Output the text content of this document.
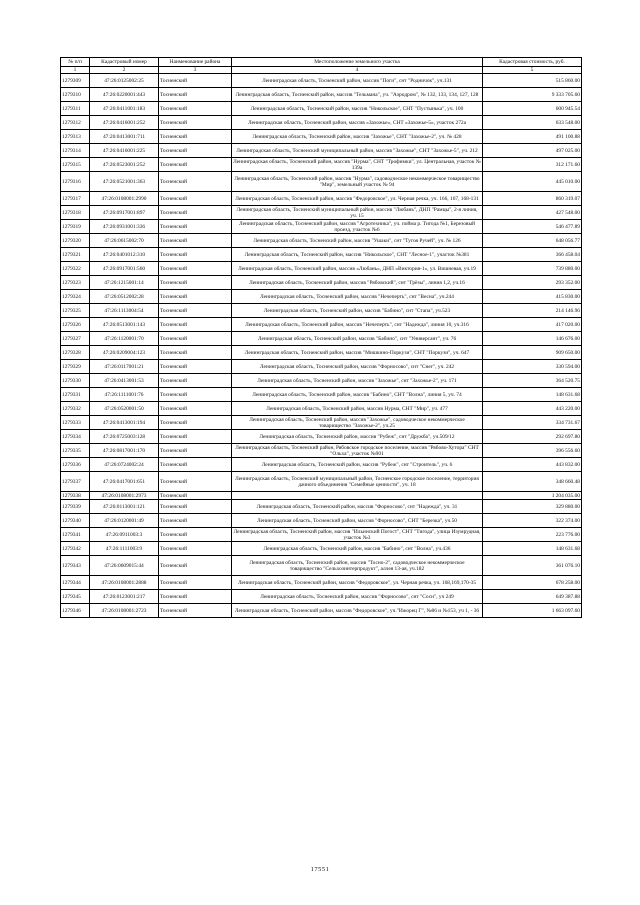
№ п/п	Кадастровый номер	Наименование района	Местоположение земельного участка	Кадастровая стоимость, руб.
1	2	3	4	5
1279309	47:26:0125002:25	Тосненский	Ленинградская область, Тосненский район, массив "Поги", снт "Родничок", уч.131	515 860.00
1279310	47:26:0220001:443	Тосненский	Ленинградская область, Тосненский район, массив "Тельмана", уч. "Аэродром", № 132, 133, 134, 127, 128	9 333 705.60
1279311	47:26:0411001:183	Тосненский	Ленинградская область, Тосненский район, массив "Никольское", СНТ "Пустынька", уч. 100	600 945.54
1279312	47:26:0416001:252	Тосненский	Ленинградская область, Тосненский район, массив «Захожье», СНТ «Захожье-5», участок 272а	633 548.00
1279313	47:26:0413001:711	Тосненский	Ленинградская область, Тосненский район, массив "Захожье", СНТ "Захожье-2", уч. № 428	491 100.88
1279314	47:26:0416001:225	Тосненский	Ленинградская область, Тосненский муниципальный район, массив "Захожье", СНТ "Захожье-5", уч. 212	497 025.00
1279315	47:26:0523001:252	Тосненский	Ленинградская область, Тосненский район, массив "Нурма", СНТ "Трофимки", ул. Центральная, участок № 139а	312 171.60
1279316	47:26:0521001:363	Тосненский	Ленинградская область, Тосненский район, массив "Нурма", садоводческое некоммерческое товарищество "Мир", земельный участок № 94	445 010.00
1279317	47:26:0108001:2990	Тосненский	Ленинградская область, Тосненский район, массив "Федоровское", ул. Черная речка, уч. 166, 167, 168-131	860 319.07
1279318	47:26:0917001:897	Тосненский	Ленинградская область, Тосненский муниципальный район, массив "Любань", ДНП "Рамцы", 2-я линия, уч. 15	427 548.00
1279319	47:26:0931001:336	Тосненский	Ленинградская область, Тосненский район, массив "Агротехника", уч. пойма р. Тигода №1, Березовый проезд, участок №6	546 477.89
1279320	47:26:0615002:70	Тосненский	Ленинградская область, Тосненский район, массив "Ушаки", снт "Тугоя Ручей", уч. № 126	648 056.77
1279321	47:26:0401012:310	Тосненский	Ленинградская область, Тосненский район, массив "Никольское", СНТ "Лесное-1", участок №381	366 458.04
1279322	47:26:0917001:560	Тосненский	Ленинградская область, Тосненский район, массив «Любань», ДНП «Виктория-1», ул. Вишневая, уч.19	739 880.00
1279323	47:26:1215001:14	Тосненский	Ленинградская область, Тосненский район, массив "Рябовский", снт "Грёзы", линия 1,2, уч.16	293 352.00
1279324	47:26:0512002:28	Тосненский	Ленинградская область, Тосненский район, массив "Нечеперть", снт "Весна", уч.244	415 830.00
1279325	47:26:1113004:54	Тосненский	Ленинградская область, Тосненский район, массив "Бабино", снт "Стапа", уч.523	214 146.96
1279326	47:26:0513001:143	Тосненский	Ленинградская область, Тосненский район, массив "Нечеперть", снт "Надежда", линия 10, уч.316	417 020.00
1279327	47:26:1120001:70	Тосненский	Ленинградская область, Тосненский район, массив "Бабино", снт "Универсант", уч. 76	146 676.00
1279328	47:26:0209004:123	Тосненский	Ленинградская область, Тосненский район, массив "Мишкино-Поркузи", СНТ "Поркузи", уч. 647	909 650.00
1279329	47:26:0117001:21	Тосненский	Ленинградская область, Тосненский район, массив "Форносово", снт "Снег", уч. 242	330 594.00
1279330	47:26:0413001:53	Тосненский	Ленинградская область, Тосненский район, массив "Захожье", снт "Захожье-2", уч. 171	364 520.75
1279331	47:26:1111001:76	Тосненский	Ленинградская область, Тосненский район, массив "Бабино", СНТ "Волна", линия 5, уч. 74	148 631.68
1279332	47:26:0520001:50	Тосненский	Ленинградская область, Тосненский район, массив Нурма, СНТ "Мир", уч. 477	443 220.00
1279333	47:26:0413001:194	Тосненский	Ленинградская область, Тосненский район, массив "Захожье", садоводческое некоммерческое товарищество "Захожье-2", уч.25	334 731.67
1279334	47:26:0725003:128	Тосненский	Ленинградская область, Тосненский район, массив "Рубеж", снт "Дружба", уч.509/12	292 697.80
1279335	47:26:0817001:170	Тосненский	Ленинградская область, Тосненский район, Рябовское городское поселение, массив "Рябово-Хутора" СНТ "Ольха", участок №901	396 556.60
1279336	47:26:0724002:24	Тосненский	Ленинградская область, Тосненский район, массив "Рубеж", снт "Строитель", уч. 6	443 832.00
1279337	47:26:0417001:651	Тосненский	Ленинградская область, Тосненский муниципальный район, Тосненское городское поселение, территория дачного объединения "Семейные ценности", уч. 18	348 660.48
1279338	47:26:0108001:2973	Тосненский		1 204 035.00
1279339	47:26:0113001:121	Тосненский	Ленинградская область, Тосненский район, массив "Форносово", снт "Надежда", уч. 31	329 880.00
1279340	47:26:0120001:49	Тосненский	Ленинградская область, Тосненский район, массив "Форносово", СНТ "Березка", уч.50	322 374.00
1279341	47:26:0911003:3	Тосненский	Ленинградская область, Тосненский район, массив "Ильинский Погост", СНТ "Тигода", улица Изумрудная, участок №3	223 776.00
1279342	47:26:1111003:9	Тосненский	Ленинградская область, Тосненский район, массив "Бабино", снт "Волна", уч.436	148 631.68
1279343	47:26:0609015:44	Тосненский	Ленинградская область, Тосненский район, массив "Тосно-2", садоводческое некоммерческое товарищество "Сельхозинтерпродукт", аллея 13-ая, уч.182	361 076.10
1279344	47:26:0108001:2888	Тосненский	Ленинградская область, Тосненский район, массив "Федоровское", ул. Черная речка, уч. 168,169,170-35	678 258.00
1279345	47:26:0123001:217	Тосненский	Ленинградская область, Тосненский район, массив "Форносово", снт "Сосн", уч 249	649 387.88
1279346	47:26:0108001:2723	Тосненский	Ленинградская область, Тосненский район, массив "Федоровское", уч."Ижорец Г", №86 и №153, уч 1, - 36	1 663 097.60
17551
